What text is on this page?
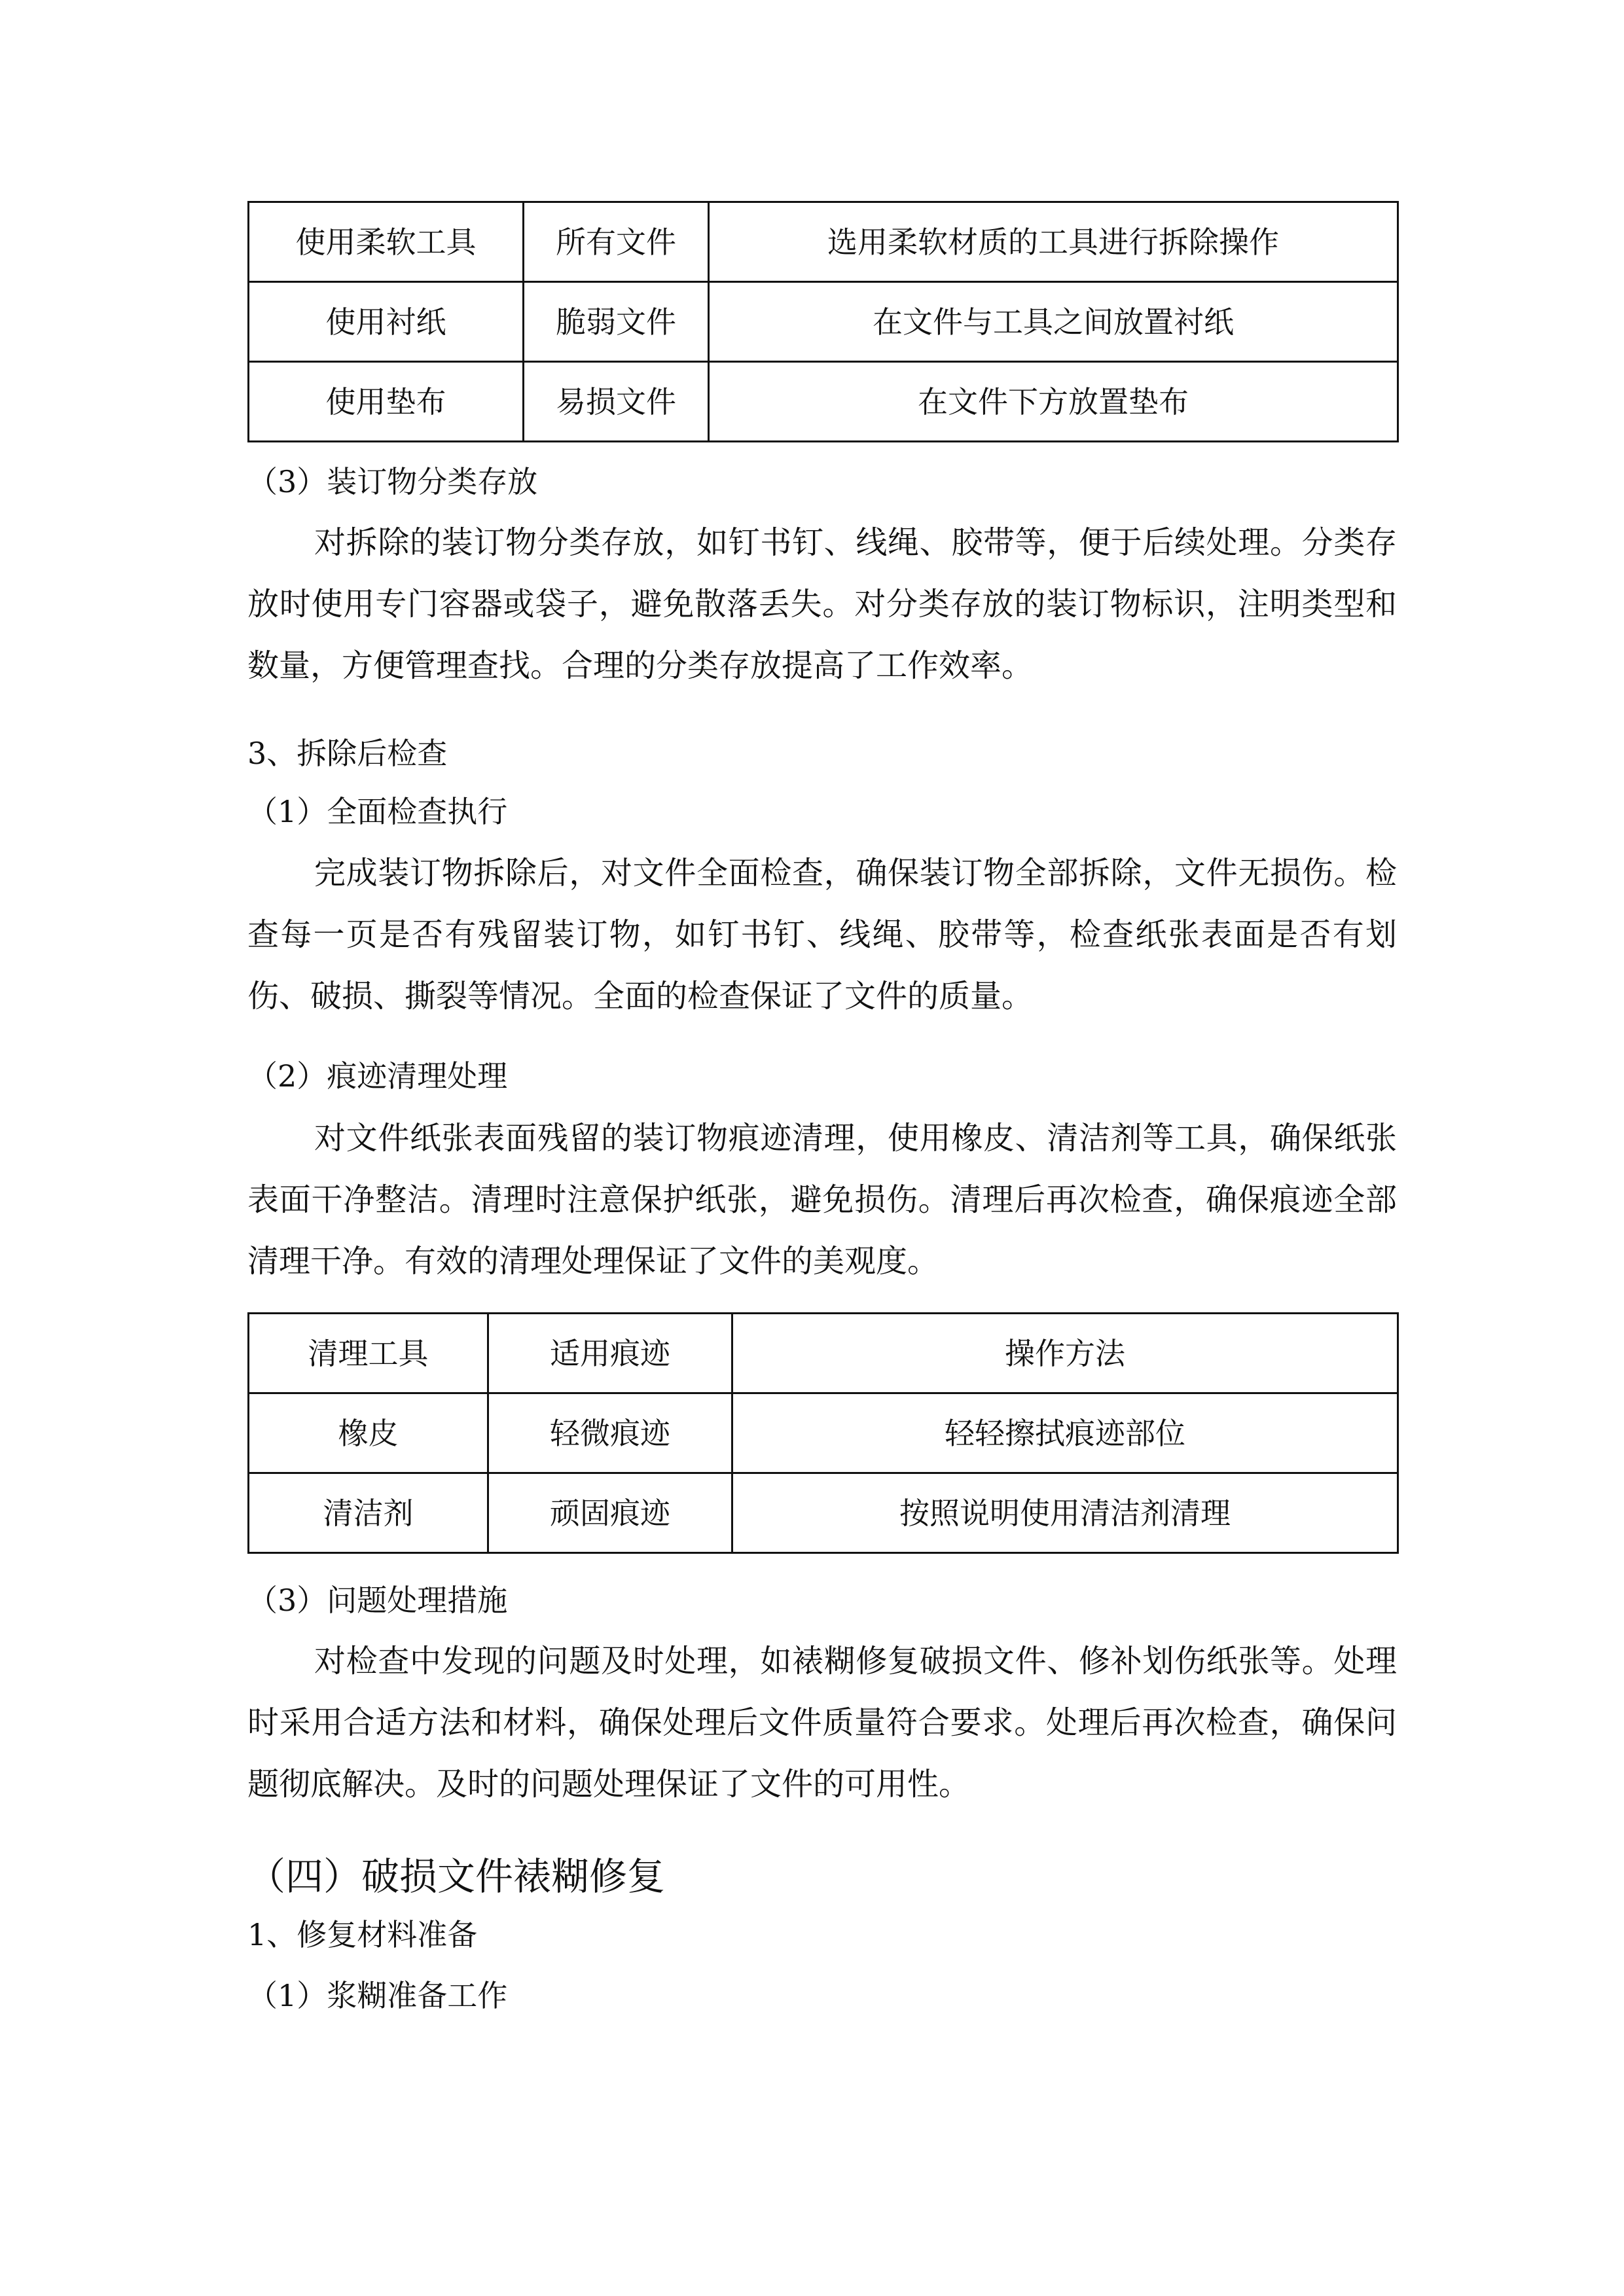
使用柔软工具	所有文件	选用柔软材质的工具进行拆除操作
使用衬纸	脆弱文件	在文件与工具之间放置衬纸
使用垫布	易损文件	在文件下方放置垫布
（3）装订物分类存放

对拆除的装订物分类存放，如钉书钉、线绳、胶带等，便于后续处理。分类存放时使用专门容器或袋子，避免散落丢失。对分类存放的装订物标识，注明类型和数量，方便管理查找。合理的分类存放提高了工作效率。

3、拆除后检查
（1）全面检查执行

完成装订物拆除后，对文件全面检查，确保装订物全部拆除，文件无损伤。检查每一页是否有残留装订物，如钉书钉、线绳、胶带等，检查纸张表面是否有划伤、破损、撕裂等情况。全面的检查保证了文件的质量。

（2）痕迹清理处理

对文件纸张表面残留的装订物痕迹清理，使用橡皮、清洁剂等工具，确保纸张表面干净整洁。清理时注意保护纸张，避免损伤。清理后再次检查，确保痕迹全部清理干净。有效的清理处理保证了文件的美观度。

清理工具	适用痕迹	操作方法
橡皮	轻微痕迹	轻轻擦拭痕迹部位
清洁剂	顽固痕迹	按照说明使用清洁剂清理
（3）问题处理措施

对检查中发现的问题及时处理，如裱糊修复破损文件、修补划伤纸张等。处理时采用合适方法和材料，确保处理后文件质量符合要求。处理后再次检查，确保问题彻底解决。及时的问题处理保证了文件的可用性。

（四）破损文件裱糊修复
1、修复材料准备
（1）浆糊准备工作
